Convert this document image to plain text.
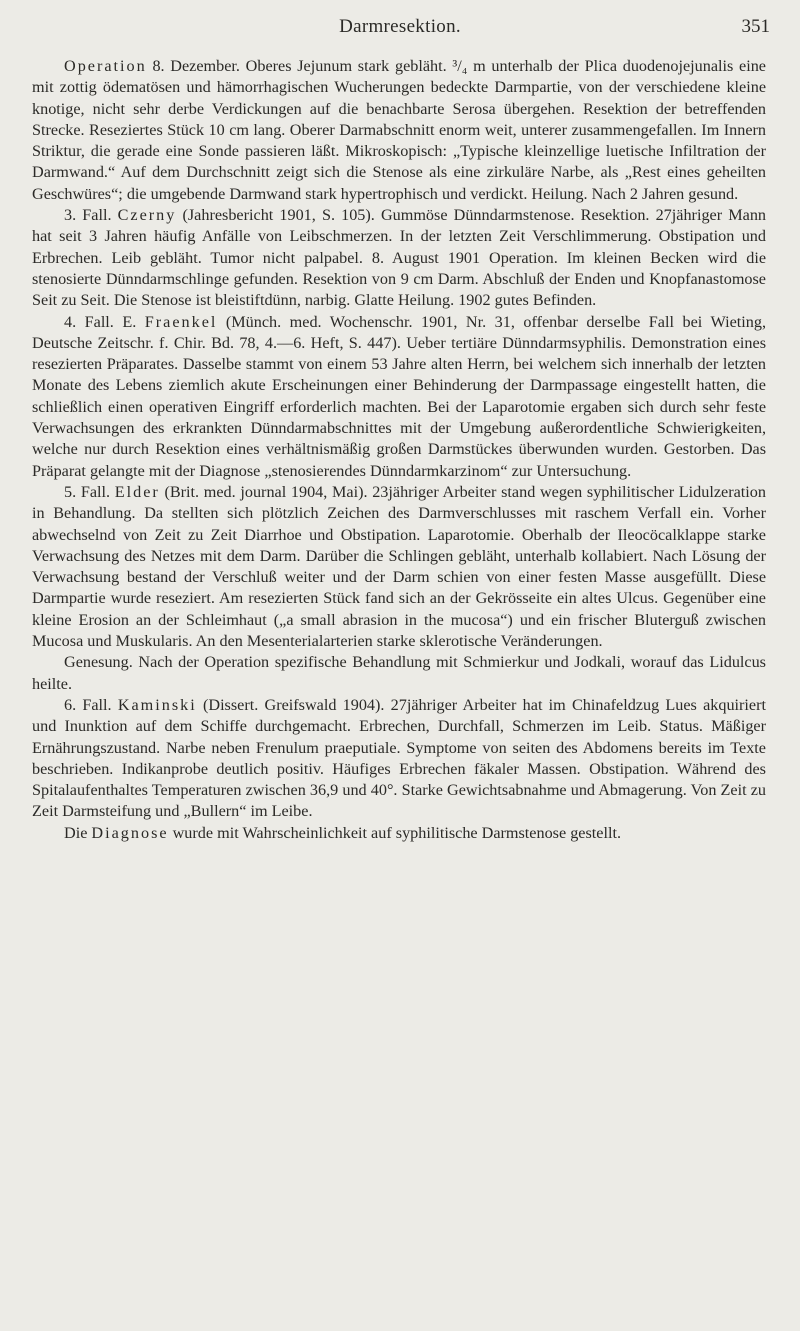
Darmresektion.	351

Operation 8. Dezember. Oberes Jejunum stark gebläht. ³/₄ m unterhalb der Plica duodenojejunalis eine mit zottig ödematösen und hämorrhagischen Wucherungen bedeckte Darmpartie, von der verschiedene kleine knotige, nicht sehr derbe Verdickungen auf die benachbarte Serosa übergehen. Resektion der betreffenden Strecke. Reseziertes Stück 10 cm lang. Oberer Darmabschnitt enorm weit, unterer zusammengefallen. Im Innern Striktur, die gerade eine Sonde passieren läßt. Mikroskopisch: „Typische kleinzellige luetische Infiltration der Darmwand.“ Auf dem Durchschnitt zeigt sich die Stenose als eine zirkuläre Narbe, als „Rest eines geheilten Geschwüres“; die umgebende Darmwand stark hypertrophisch und verdickt. Heilung. Nach 2 Jahren gesund.

3. Fall. Czerny (Jahresbericht 1901, S. 105). Gummöse Dünndarmstenose. Resektion. 27jähriger Mann hat seit 3 Jahren häufig Anfälle von Leibschmerzen. In der letzten Zeit Verschlimmerung. Obstipation und Erbrechen. Leib gebläht. Tumor nicht palpabel. 8. August 1901 Operation. Im kleinen Becken wird die stenosierte Dünndarmschlinge gefunden. Resektion von 9 cm Darm. Abschluß der Enden und Knopfanastomose Seit zu Seit. Die Stenose ist bleistiftdünn, narbig. Glatte Heilung. 1902 gutes Befinden.

4. Fall. E. Fraenkel (Münch. med. Wochenschr. 1901, Nr. 31, offenbar derselbe Fall bei Wieting, Deutsche Zeitschr. f. Chir. Bd. 78, 4.—6. Heft, S. 447). Ueber tertiäre Dünndarmsyphilis. Demonstration eines resezierten Präparates. Dasselbe stammt von einem 53 Jahre alten Herrn, bei welchem sich innerhalb der letzten Monate des Lebens ziemlich akute Erscheinungen einer Behinderung der Darmpassage eingestellt hatten, die schließlich einen operativen Eingriff erforderlich machten. Bei der Laparotomie ergaben sich durch sehr feste Verwachsungen des erkrankten Dünndarmabschnittes mit der Umgebung außerordentliche Schwierigkeiten, welche nur durch Resektion eines verhältnismäßig großen Darmstückes überwunden wurden. Gestorben. Das Präparat gelangte mit der Diagnose „stenosierendes Dünndarmkarzinom“ zur Untersuchung.

5. Fall. Elder (Brit. med. journal 1904, Mai). 23jähriger Arbeiter stand wegen syphilitischer Lidulzeration in Behandlung. Da stellten sich plötzlich Zeichen des Darmverschlusses mit raschem Verfall ein. Vorher abwechselnd von Zeit zu Zeit Diarrhoe und Obstipation. Laparotomie. Oberhalb der Ileocöcalklappe starke Verwachsung des Netzes mit dem Darm. Darüber die Schlingen gebläht, unterhalb kollabiert. Nach Lösung der Verwachsung bestand der Verschluß weiter und der Darm schien von einer festen Masse ausgefüllt. Diese Darmpartie wurde reseziert. Am resezierten Stück fand sich an der Gekrösseite ein altes Ulcus. Gegenüber eine kleine Erosion an der Schleimhaut („a small abrasion in the mucosa“) und ein frischer Bluterguß zwischen Mucosa und Muskularis. An den Mesenterialarterien starke sklerotische Veränderungen.

Genesung. Nach der Operation spezifische Behandlung mit Schmierkur und Jodkali, worauf das Lidulcus heilte.

6. Fall. Kaminski (Dissert. Greifswald 1904). 27jähriger Arbeiter hat im Chinafeldzug Lues akquiriert und Inunktion auf dem Schiffe durchgemacht. Erbrechen, Durchfall, Schmerzen im Leib. Status. Mäßiger Ernährungszustand. Narbe neben Frenulum praeputiale. Symptome von seiten des Abdomens bereits im Texte beschrieben. Indikanprobe deutlich positiv. Häufiges Erbrechen fäkaler Massen. Obstipation. Während des Spitalaufenthaltes Temperaturen zwischen 36,9 und 40°. Starke Gewichtsabnahme und Abmagerung. Von Zeit zu Zeit Darmsteifung und „Bullern“ im Leibe.

Die Diagnose wurde mit Wahrscheinlichkeit auf syphilitische Darmstenose gestellt.
